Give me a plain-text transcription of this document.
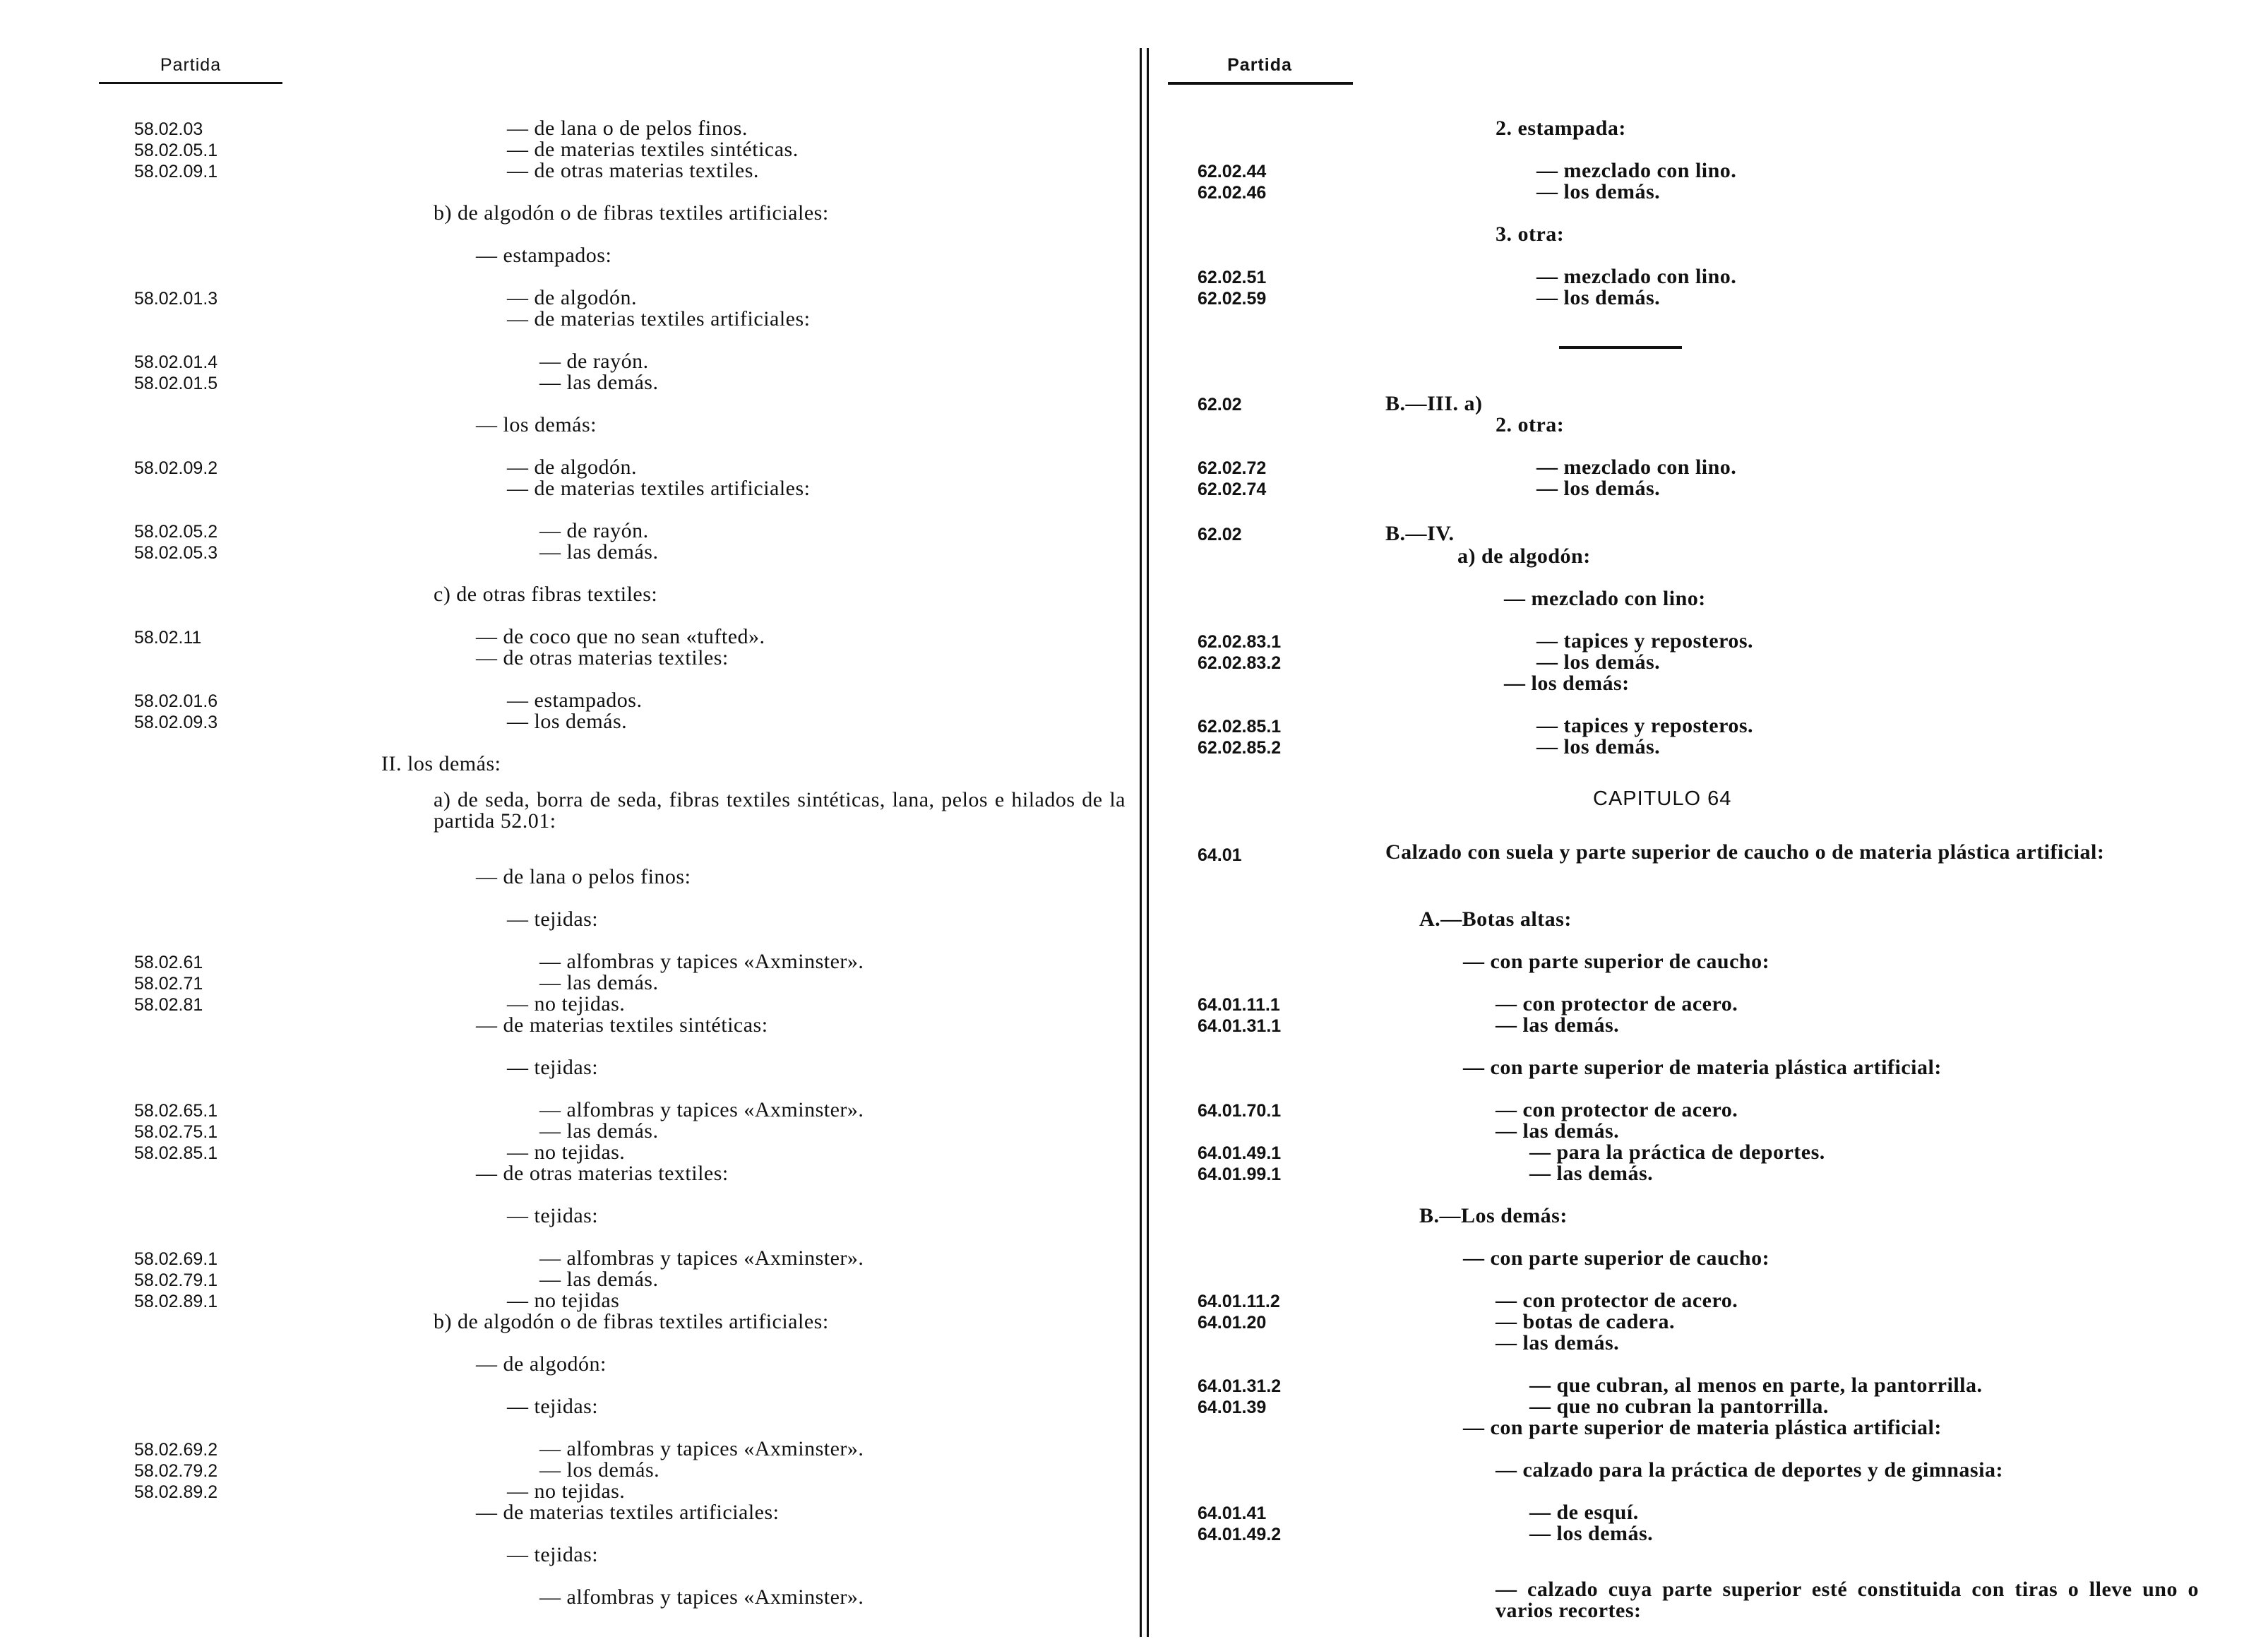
Partida
58.02.03	— de lana o de pelos finos.
58.02.05.1	— de materias textiles sintéticas.
58.02.09.1	— de otras materias textiles.
b) de algodón o de fibras textiles artificiales:
— estampados:
58.02.01.3	— de algodón.
— de materias textiles artificiales:
58.02.01.4	— de rayón.
58.02.01.5	— las demás.
— los demás:
58.02.09.2	— de algodón.
— de materias textiles artificiales:
58.02.05.2	— de rayón.
58.02.05.3	— las demás.
c) de otras fibras textiles:
58.02.11	— de coco que no sean «tufted».
— de otras materias textiles:
58.02.01.6	— estampados.
58.02.09.3	— los demás.
II. los demás:
— de lana o pelos finos:
— tejidas:
58.02.61	— alfombras y tapices «Axminster».
58.02.71	— las demás.
58.02.81	— no tejidas.
— de materias textiles sintéticas:
— tejidas:
58.02.65.1	— alfombras y tapices «Axminster».
58.02.75.1	— las demás.
58.02.85.1	— no tejidas.
— de otras materias textiles:
— tejidas:
58.02.69.1	— alfombras y tapices «Axminster».
58.02.79.1	— las demás.
58.02.89.1	— no tejidas
b) de algodón o de fibras textiles artificiales:
— de algodón:
— tejidas:
58.02.69.2	— alfombras y tapices «Axminster».
58.02.79.2	— los demás.
58.02.89.2	— no tejidas.
— de materias textiles artificiales:
— tejidas:
— alfombras y tapices «Axminster».
a) de seda, borra de seda, fibras textiles sintéticas, lana, pelos e hilados de la partida 52.01:
Partida
2. estampada:
62.02.44	— mezclado con lino.
62.02.46	— los demás.
3. otra:
62.02.51	— mezclado con lino.
62.02.59	— los demás.
62.02	B.—III. a)
2. otra:
62.02.72	— mezclado con lino.
62.02.74	— los demás.
62.02	B.—IV.
a) de algodón:
— mezclado con lino:
62.02.83.1	— tapices y reposteros.
62.02.83.2	— los demás.
— los demás:
62.02.85.1	— tapices y reposteros.
62.02.85.2	— los demás.
A.—Botas altas:
— con parte superior de caucho:
64.01.11.1	— con protector de acero.
64.01.31.1	— las demás.
— con parte superior de materia plástica artificial:
64.01.70.1	— con protector de acero.
— las demás.
64.01.49.1	— para la práctica de deportes.
64.01.99.1	— las demás.
B.—Los demás:
— con parte superior de caucho:
64.01.11.2	— con protector de acero.
64.01.20	— botas de cadera.
— las demás.
64.01.31.2	— que cubran, al menos en parte, la pantorrilla.
64.01.39	— que no cubran la pantorrilla.
— con parte superior de materia plástica artificial:
— calzado para la práctica de deportes y de gimnasia:
64.01.41	— de esquí.
64.01.49.2	— los demás.
CAPITULO 64
64.01	Calzado con suela y parte superior de caucho o de materia plástica artificial:
— calzado cuya parte superior esté constituida con tiras o lleve uno o varios recortes:
